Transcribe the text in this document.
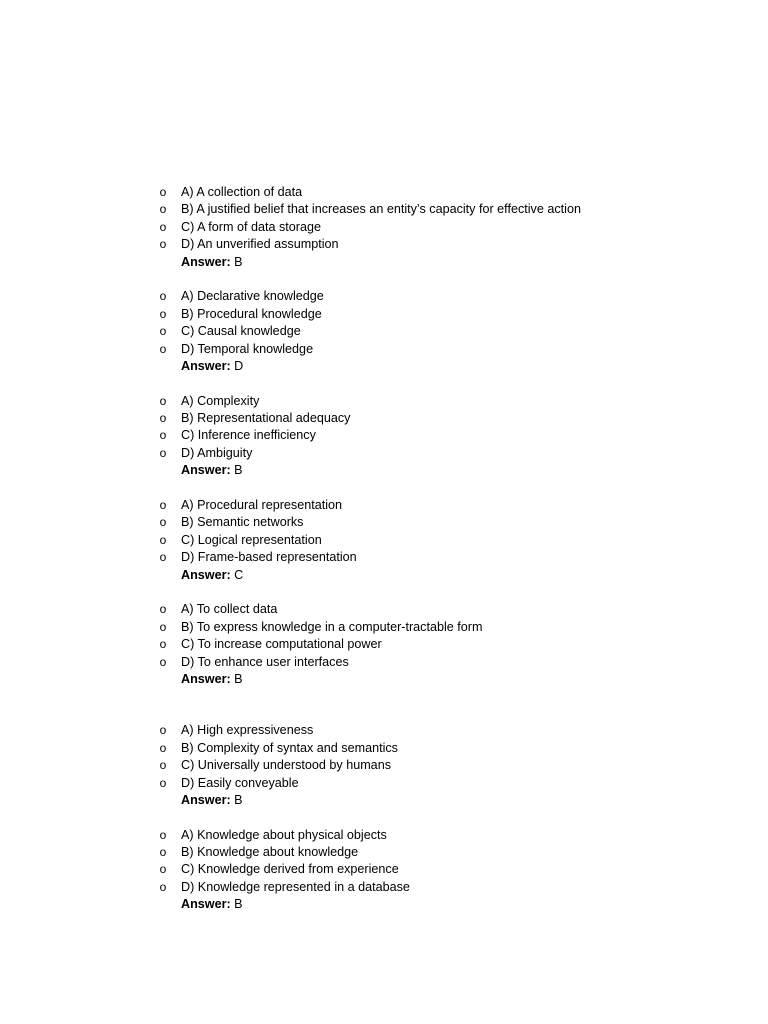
o A) A collection of data
o B) A justified belief that increases an entity’s capacity for effective action
o C) A form of data storage
o D) An unverified assumption
Answer: B
o A) Declarative knowledge
o B) Procedural knowledge
o C) Causal knowledge
o D) Temporal knowledge
Answer: D
o A) Complexity
o B) Representational adequacy
o C) Inference inefficiency
o D) Ambiguity
Answer: B
o A) Procedural representation
o B) Semantic networks
o C) Logical representation
o D) Frame-based representation
Answer: C
o A) To collect data
o B) To express knowledge in a computer-tractable form
o C) To increase computational power
o D) To enhance user interfaces
Answer: B
o A) High expressiveness
o B) Complexity of syntax and semantics
o C) Universally understood by humans
o D) Easily conveyable
Answer: B
o A) Knowledge about physical objects
o B) Knowledge about knowledge
o C) Knowledge derived from experience
o D) Knowledge represented in a database
Answer: B
